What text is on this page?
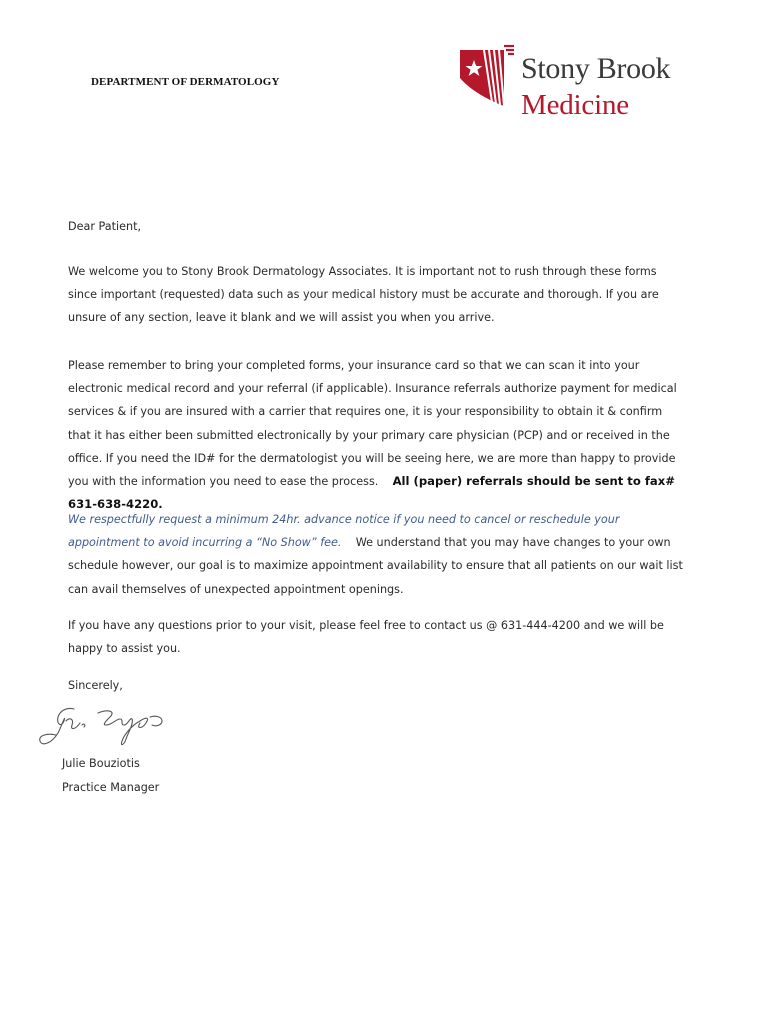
DEPARTMENT OF DERMATOLOGY	Stony Brook
Medicine
Dear Patient,
We welcome you to Stony Brook Dermatology Associates. It is important not to rush through these forms since important (requested) data such as your medical history must be accurate and thorough. If you are unsure of any section, leave it blank and we will assist you when you arrive.
Please remember to bring your completed forms, your insurance card so that we can scan it into your electronic medical record and your referral (if applicable). Insurance referrals authorize payment for medical services & if you are insured with a carrier that requires one, it is your responsibility to obtain it & confirm that it has either been submitted electronically by your primary care physician (PCP) and or received in the office. If you need the ID# for the dermatologist you will be seeing here, we are more than happy to provide you with the information you need to ease the process. All (paper) referrals should be sent to fax# 631-638-4220.
We respectfully request a minimum 24hr. advance notice if you need to cancel or reschedule your appointment to avoid incurring a “No Show” fee. We understand that you may have changes to your own schedule however, our goal is to maximize appointment availability to ensure that all patients on our wait list can avail themselves of unexpected appointment openings.
If you have any questions prior to your visit, please feel free to contact us @ 631-444-4200 and we will be happy to assist you.
Sincerely,
Julie Bouziotis
Practice Manager
